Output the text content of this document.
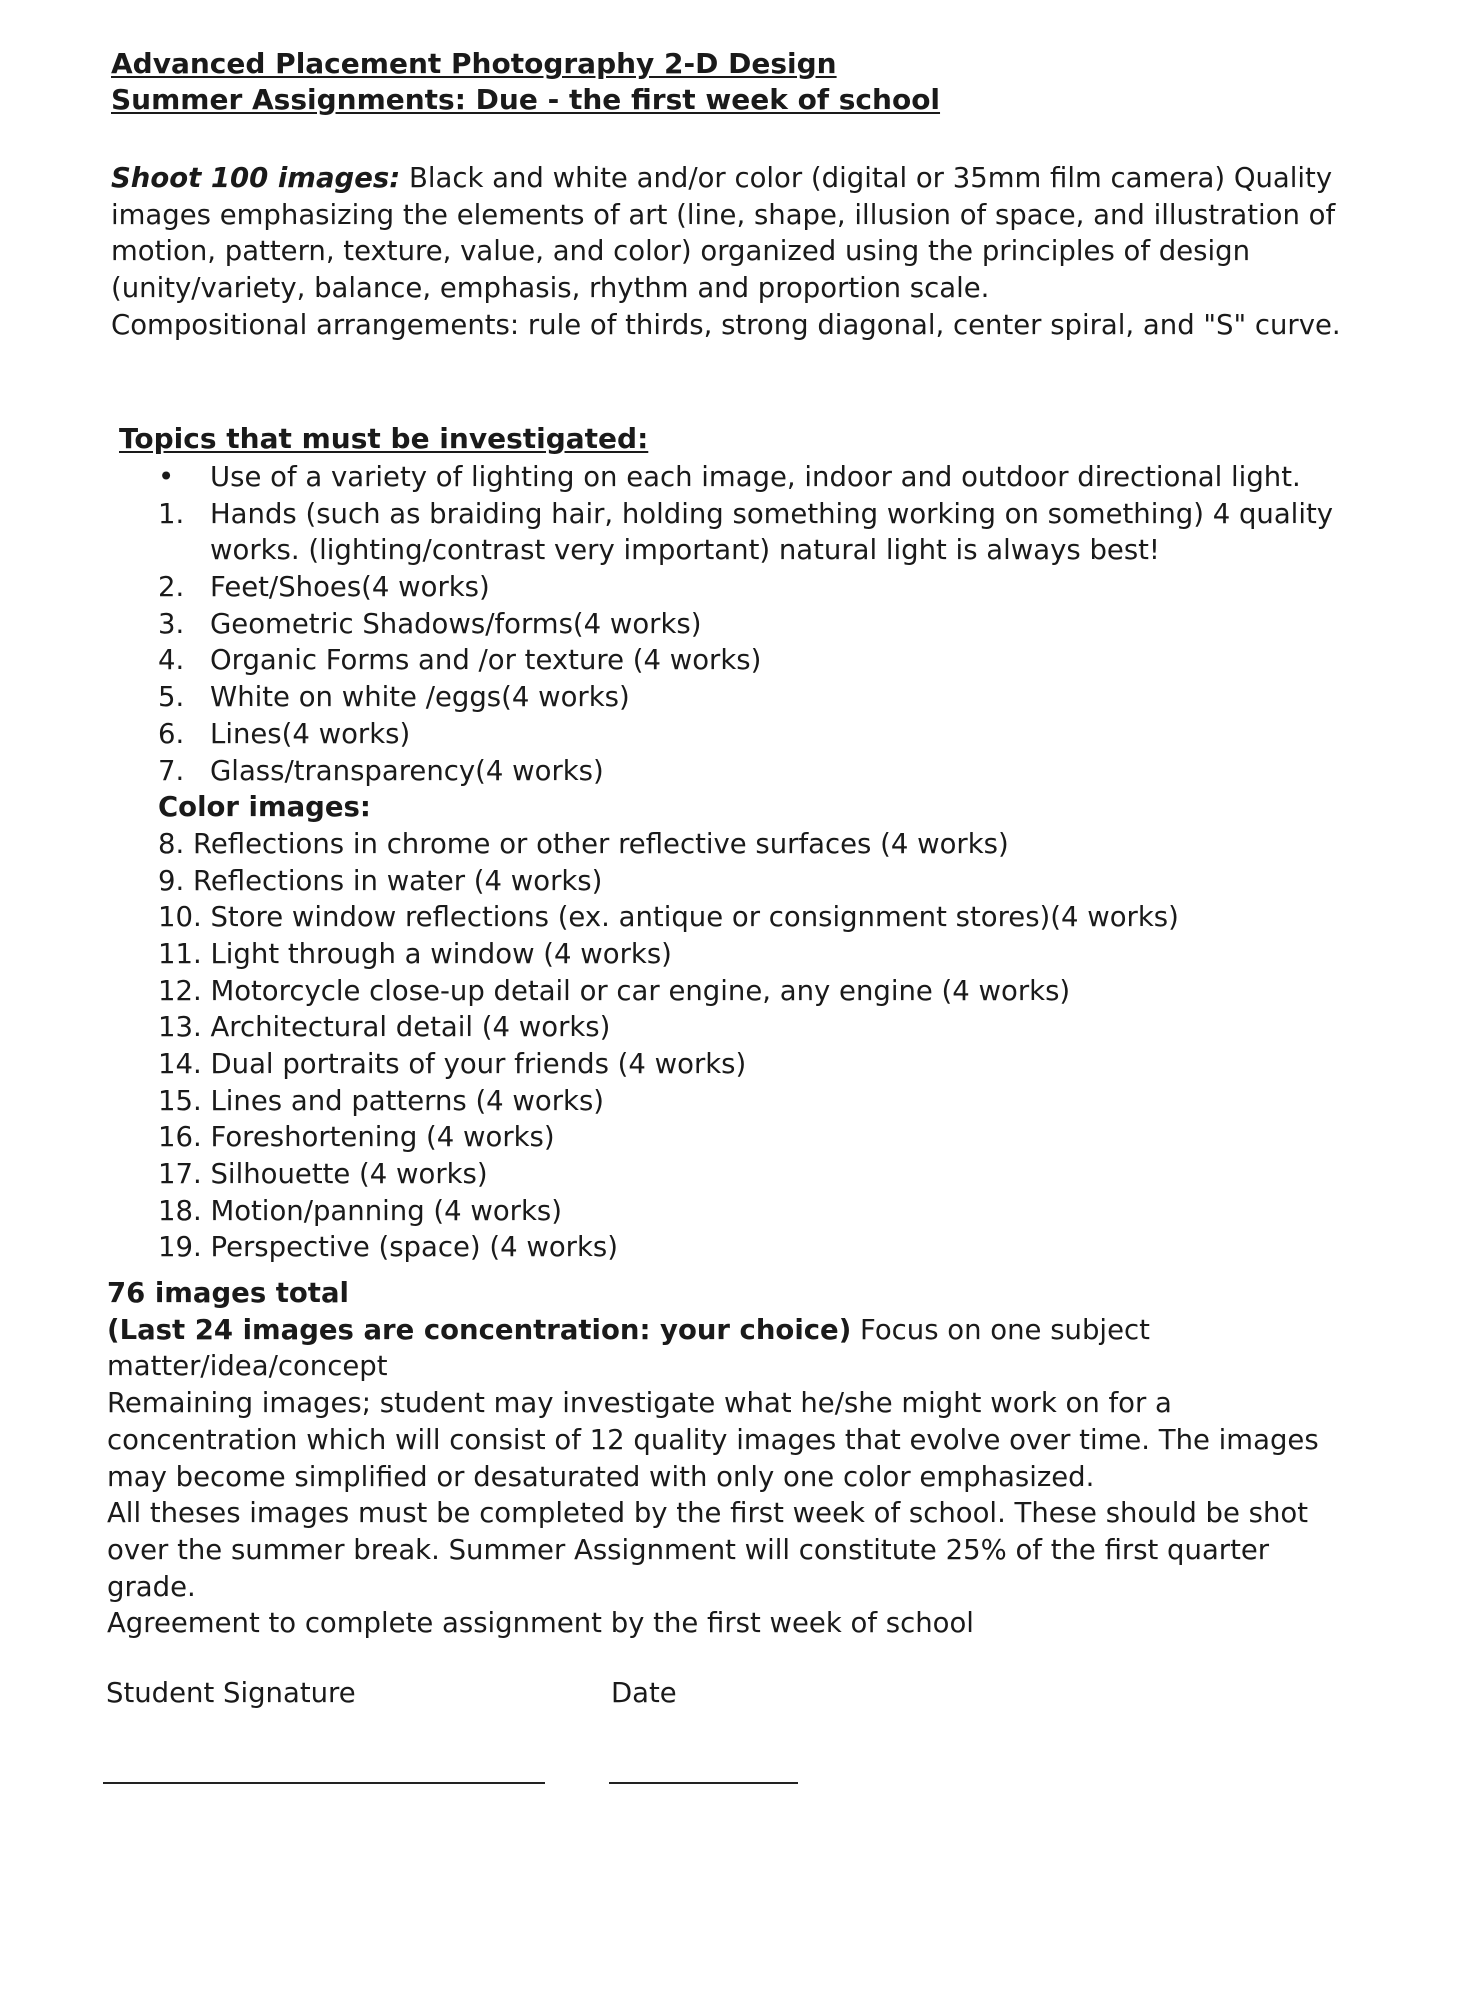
Advanced Placement Photography 2-D Design
Summer Assignments: Due - the first week of school
Shoot 100 images: Black and white and/or color (digital or 35mm film camera) Quality images emphasizing the elements of art (line, shape, illusion of space, and illustration of motion, pattern, texture, value, and color) organized using the principles of design (unity/variety, balance, emphasis, rhythm and proportion scale.
Compositional arrangements: rule of thirds, strong diagonal, center spiral, and "S" curve.
Topics that must be investigated:
• Use of a variety of lighting on each image, indoor and outdoor directional light.
1. Hands (such as braiding hair, holding something working on something) 4 quality
works. (lighting/contrast very important) natural light is always best!
2. Feet/Shoes(4 works)
3. Geometric Shadows/forms(4 works)
4. Organic Forms and /or texture (4 works)
5. White on white /eggs(4 works)
6. Lines(4 works)
7. Glass/transparency(4 works)
Color images:
8. Reflections in chrome or other reflective surfaces (4 works)
9. Reflections in water (4 works)
10. Store window reflections (ex. antique or consignment stores)(4 works)
11. Light through a window (4 works)
12. Motorcycle close-up detail or car engine, any engine (4 works)
13. Architectural detail (4 works)
14. Dual portraits of your friends (4 works)
15. Lines and patterns (4 works)
16. Foreshortening (4 works)
17. Silhouette (4 works)
18. Motion/panning (4 works)
19. Perspective (space) (4 works)

76 images total

(Last 24 images are concentration: your choice) Focus on one subject matter/idea/concept

Remaining images; student may investigate what he/she might work on for a concentration which will consist of 12 quality images that evolve over time. The images may become simplified or desaturated with only one color emphasized.

All theses images must be completed by the first week of school. These should be shot over the summer break. Summer Assignment will constitute 25% of the first quarter grade.

Agreement to complete assignment by the first week of school

Student Signature	Date
